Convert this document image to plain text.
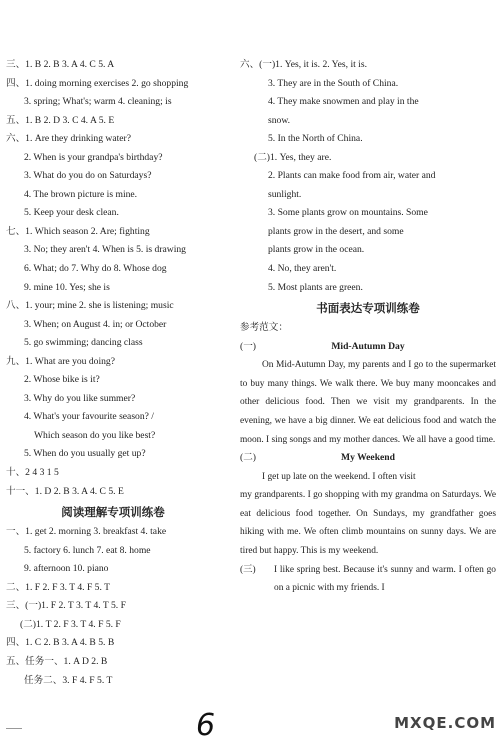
三、1. B 2. B 3. A 4. C 5. A
四、1. doing morning exercises 2. go shopping
3. spring; What's; warm 4. cleaning; is
五、1. B 2. D 3. C 4. A 5. E
六、1. Are they drinking water?
2. When is your grandpa's birthday?
3. What do you do on Saturdays?
4. The brown picture is mine.
5. Keep your desk clean.
七、1. Which season 2. Are; fighting
3. No; they aren't 4. When is 5. is drawing
6. What; do 7. Why do 8. Whose dog
9. mine 10. Yes; she is
八、1. your; mine 2. she is listening; music
3. When; on August 4. in; or October
5. go swimming; dancing class
九、1. What are you doing?
2. Whose bike is it?
3. Why do you like summer?
4. What's your favourite season? /
Which season do you like best?
5. When do you usually get up?
十、2 4 3 1 5
十一、1. D 2. B 3. A 4. C 5. E
阅读理解专项训练卷
一、1. get 2. morning 3. breakfast 4. take
5. factory 6. lunch 7. eat 8. home
9. afternoon 10. piano
二、1. F 2. F 3. T 4. F 5. T
三、(一)1. F 2. T 3. T 4. T 5. F
(二)1. T 2. F 3. T 4. F 5. F
四、1. C 2. B 3. A 4. B 5. B
五、任务一、1. A D 2. B
任务二、3. F 4. F 5. T
六、(一)1. Yes, it is. 2. Yes, it is.
3. They are in the South of China.
4. They make snowmen and play in the
snow.
5. In the North of China.
(二)1. Yes, they are.
2. Plants can make food from air, water and
sunlight.
3. Some plants grow on mountains. Some
plants grow in the desert, and some
plants grow in the ocean.
4. No, they aren't.
5. Most plants are green.
书面表达专项训练卷
参考范文：
(一)	Mid-Autumn Day
On Mid-Autumn Day, my parents and I go to the supermarket to buy many things. We walk there. We buy many mooncakes and other delicious food. Then we visit my grandparents. In the evening, we have a big dinner. We eat delicious food and watch the moon. I sing songs and my mother dances. We all have a good time.
(二)	My Weekend
I get up late on the weekend. I often visit
my grandparents. I go shopping with my grandma on Saturdays. We eat delicious food together. On Sundays, my grandfather goes hiking with me. We often climb mountains on sunny days. We are tired but happy. This is my weekend.
(三)	I like spring best. Because it's sunny and warm. I often go on a picnic with my friends. I
6	MXQE.COM
